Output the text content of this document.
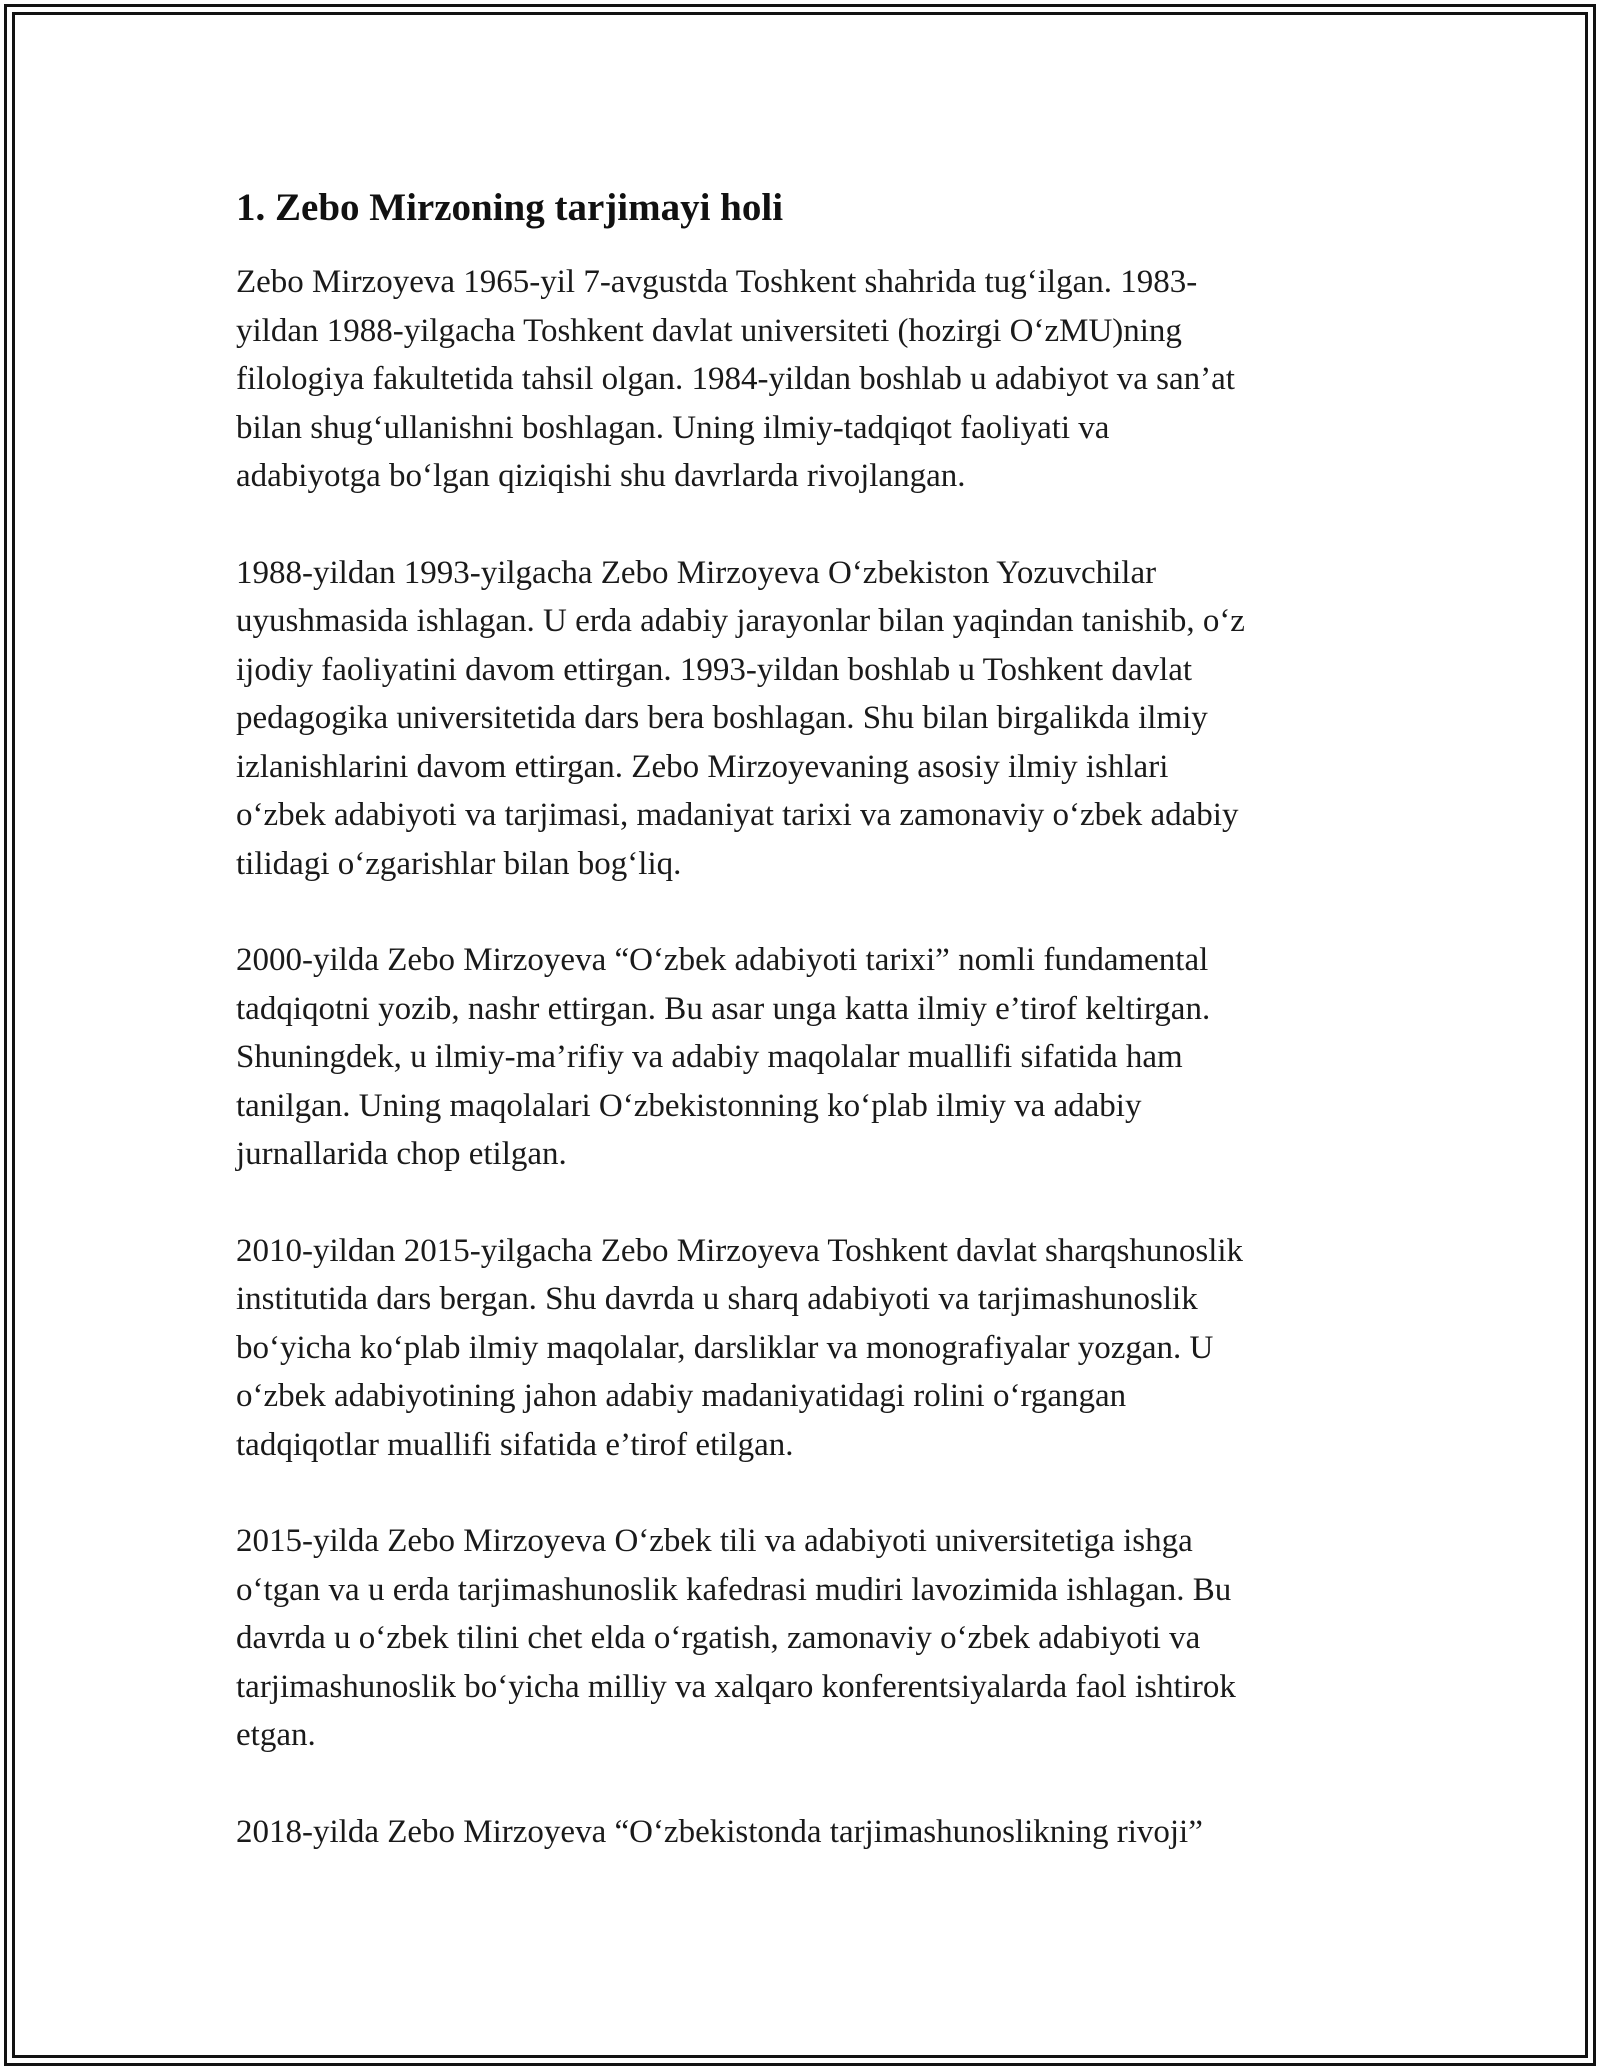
1. Zebo Mirzoning tarjimayi holi

Zebo Mirzoyeva 1965-yil 7-avgustda Toshkent shahrida tug‘ilgan. 1983-
yildan 1988-yilgacha Toshkent davlat universiteti (hozirgi O‘zMU)ning
filologiya fakultetida tahsil olgan. 1984-yildan boshlab u adabiyot va san’at
bilan shug‘ullanishni boshlagan. Uning ilmiy-tadqiqot faoliyati va
adabiyotga bo‘lgan qiziqishi shu davrlarda rivojlangan.

1988-yildan 1993-yilgacha Zebo Mirzoyeva O‘zbekiston Yozuvchilar
uyushmasida ishlagan. U erda adabiy jarayonlar bilan yaqindan tanishib, o‘z
ijodiy faoliyatini davom ettirgan. 1993-yildan boshlab u Toshkent davlat
pedagogika universitetida dars bera boshlagan. Shu bilan birgalikda ilmiy
izlanishlarini davom ettirgan. Zebo Mirzoyevaning asosiy ilmiy ishlari
o‘zbek adabiyoti va tarjimasi, madaniyat tarixi va zamonaviy o‘zbek adabiy
tilidagi o‘zgarishlar bilan bog‘liq.

2000-yilda Zebo Mirzoyeva “O‘zbek adabiyoti tarixi” nomli fundamental
tadqiqotni yozib, nashr ettirgan. Bu asar unga katta ilmiy e’tirof keltirgan.
Shuningdek, u ilmiy-ma’rifiy va adabiy maqolalar muallifi sifatida ham
tanilgan. Uning maqolalari O‘zbekistonning ko‘plab ilmiy va adabiy
jurnallarida chop etilgan.

2010-yildan 2015-yilgacha Zebo Mirzoyeva Toshkent davlat sharqshunoslik
institutida dars bergan. Shu davrda u sharq adabiyoti va tarjimashunoslik
bo‘yicha ko‘plab ilmiy maqolalar, darsliklar va monografiyalar yozgan. U
o‘zbek adabiyotining jahon adabiy madaniyatidagi rolini o‘rgangan
tadqiqotlar muallifi sifatida e’tirof etilgan.

2015-yilda Zebo Mirzoyeva O‘zbek tili va adabiyoti universitetiga ishga
o‘tgan va u erda tarjimashunoslik kafedrasi mudiri lavozimida ishlagan. Bu
davrda u o‘zbek tilini chet elda o‘rgatish, zamonaviy o‘zbek adabiyoti va
tarjimashunoslik bo‘yicha milliy va xalqaro konferentsiyalarda faol ishtirok
etgan.

2018-yilda Zebo Mirzoyeva “O‘zbekistonda tarjimashunoslikning rivoji”
